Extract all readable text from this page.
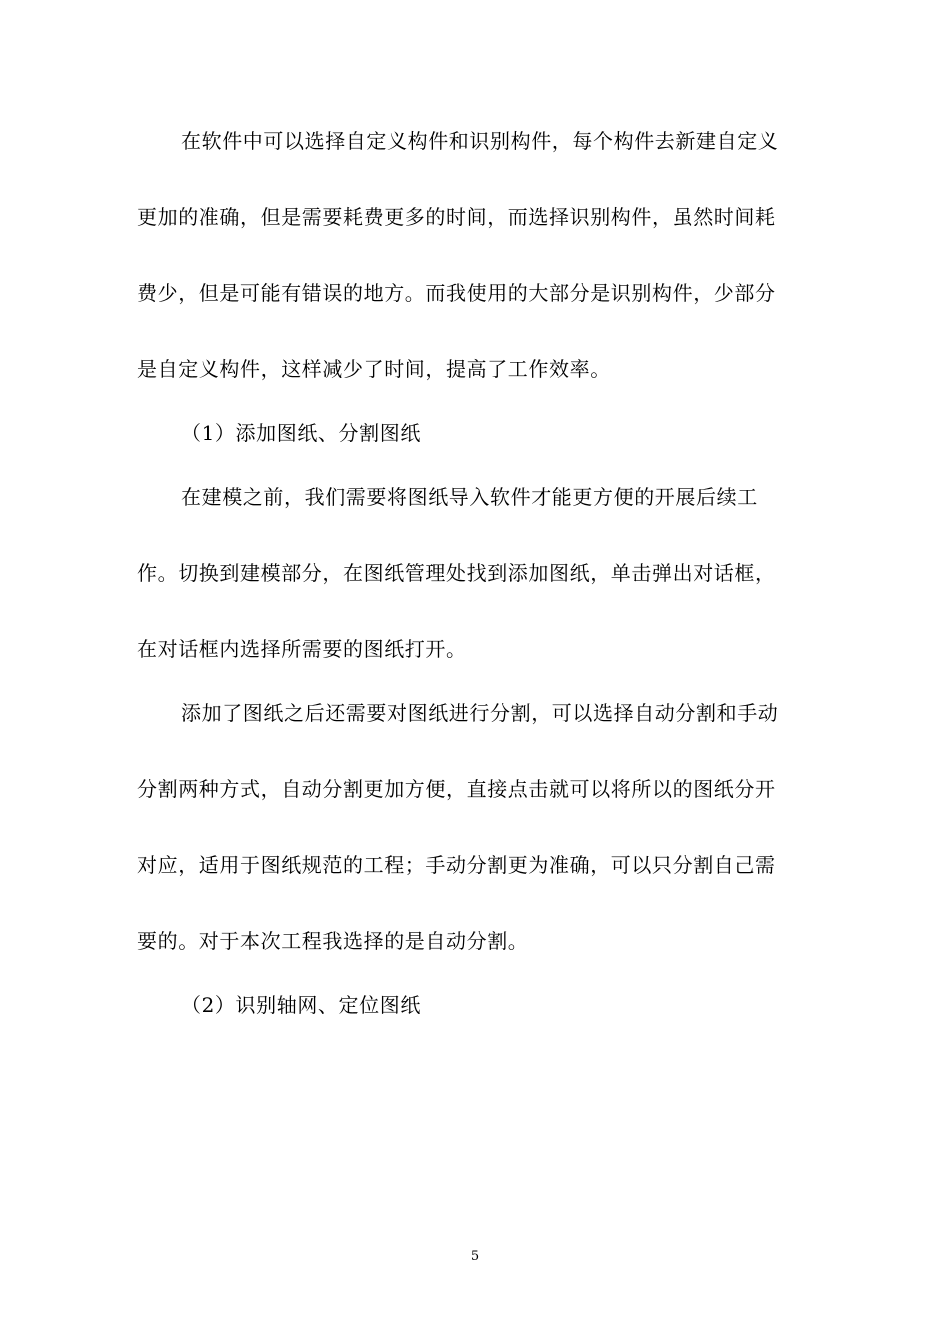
在软件中可以选择自定义构件和识别构件，每个构件去新建自定义
更加的准确，但是需要耗费更多的时间，而选择识别构件，虽然时间耗
费少，但是可能有错误的地方。而我使用的大部分是识别构件，少部分
是自定义构件，这样减少了时间，提高了工作效率。
（1）添加图纸、分割图纸
在建模之前，我们需要将图纸导入软件才能更方便的开展后续工
作。切换到建模部分，在图纸管理处找到添加图纸，单击弹出对话框，
在对话框内选择所需要的图纸打开。
添加了图纸之后还需要对图纸进行分割，可以选择自动分割和手动
分割两种方式，自动分割更加方便，直接点击就可以将所以的图纸分开
对应，适用于图纸规范的工程；手动分割更为准确，可以只分割自己需
要的。对于本次工程我选择的是自动分割。
（2）识别轴网、定位图纸
5
